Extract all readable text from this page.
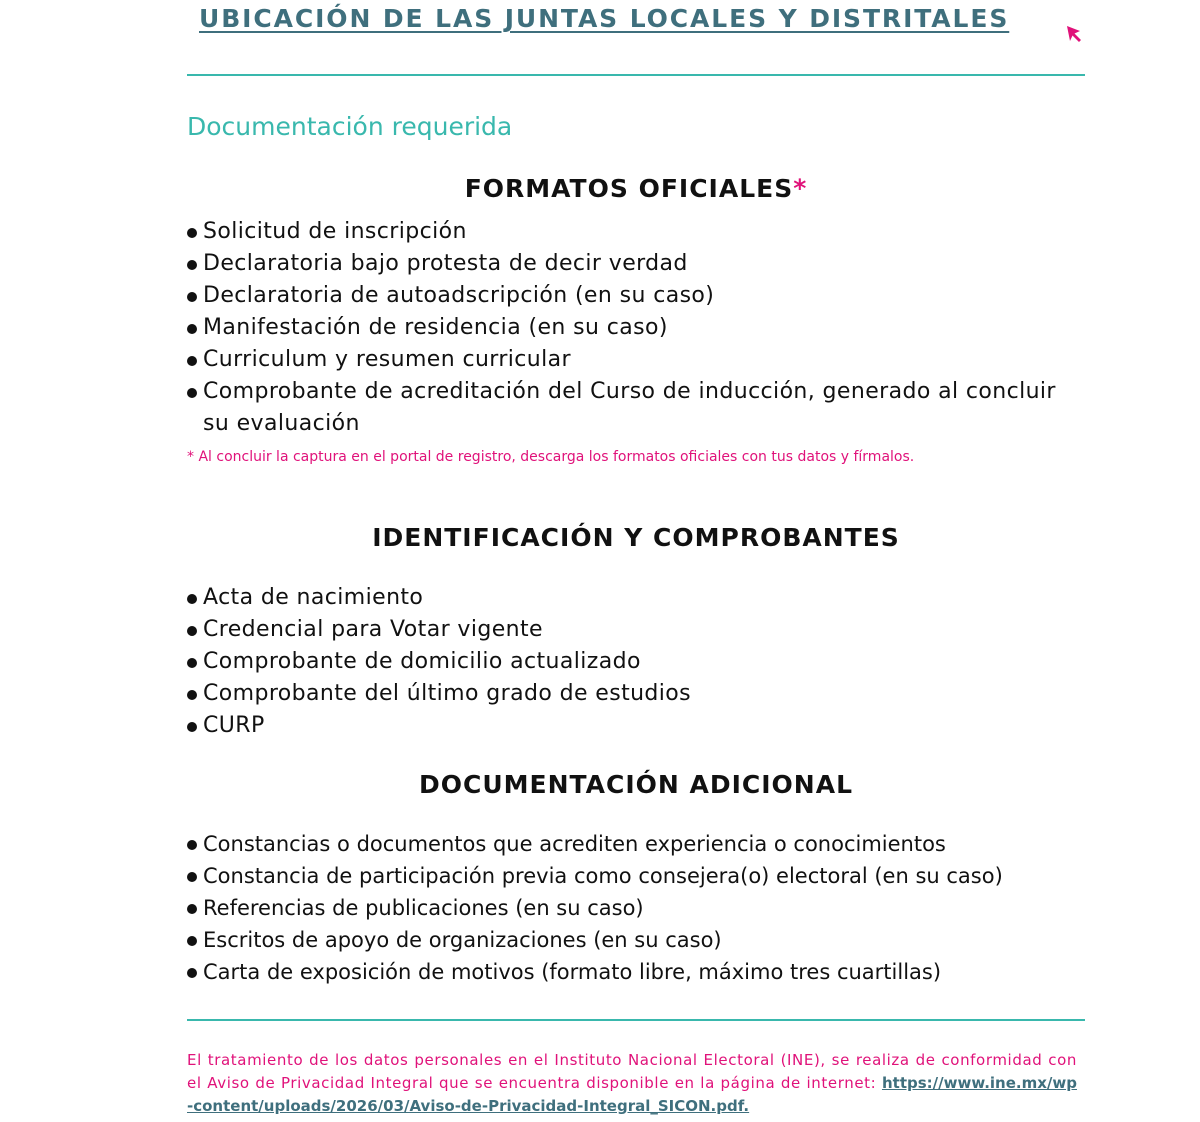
UBICACIÓN DE LAS JUNTAS LOCALES Y DISTRITALES
Documentación requerida
FORMATOS OFICIALES*
Solicitud de inscripción
Declaratoria bajo protesta de decir verdad
Declaratoria de autoadscripción (en su caso)
Manifestación de residencia (en su caso)
Curriculum y resumen curricular
Comprobante de acreditación del Curso de inducción, generado al concluir su evaluación
* Al concluir la captura en el portal de registro, descarga los formatos oficiales con tus datos y fírmalos.
IDENTIFICACIÓN Y COMPROBANTES
Acta de nacimiento
Credencial para Votar vigente
Comprobante de domicilio actualizado
Comprobante del último grado de estudios
CURP
DOCUMENTACIÓN ADICIONAL
Constancias o documentos que acrediten experiencia o conocimientos
Constancia de participación previa como consejera(o) electoral (en su caso)
Referencias de publicaciones (en su caso)
Escritos de apoyo de organizaciones (en su caso)
Carta de exposición de motivos (formato libre, máximo tres cuartillas)
El tratamiento de los datos personales en el Instituto Nacional Electoral (INE), se realiza de conformidad con el Aviso de Privacidad Integral que se encuentra disponible en la página de internet: https://www.ine.mx/wp-content/uploads/2026/03/Aviso-de-Privacidad-Integral_SICON.pdf.
